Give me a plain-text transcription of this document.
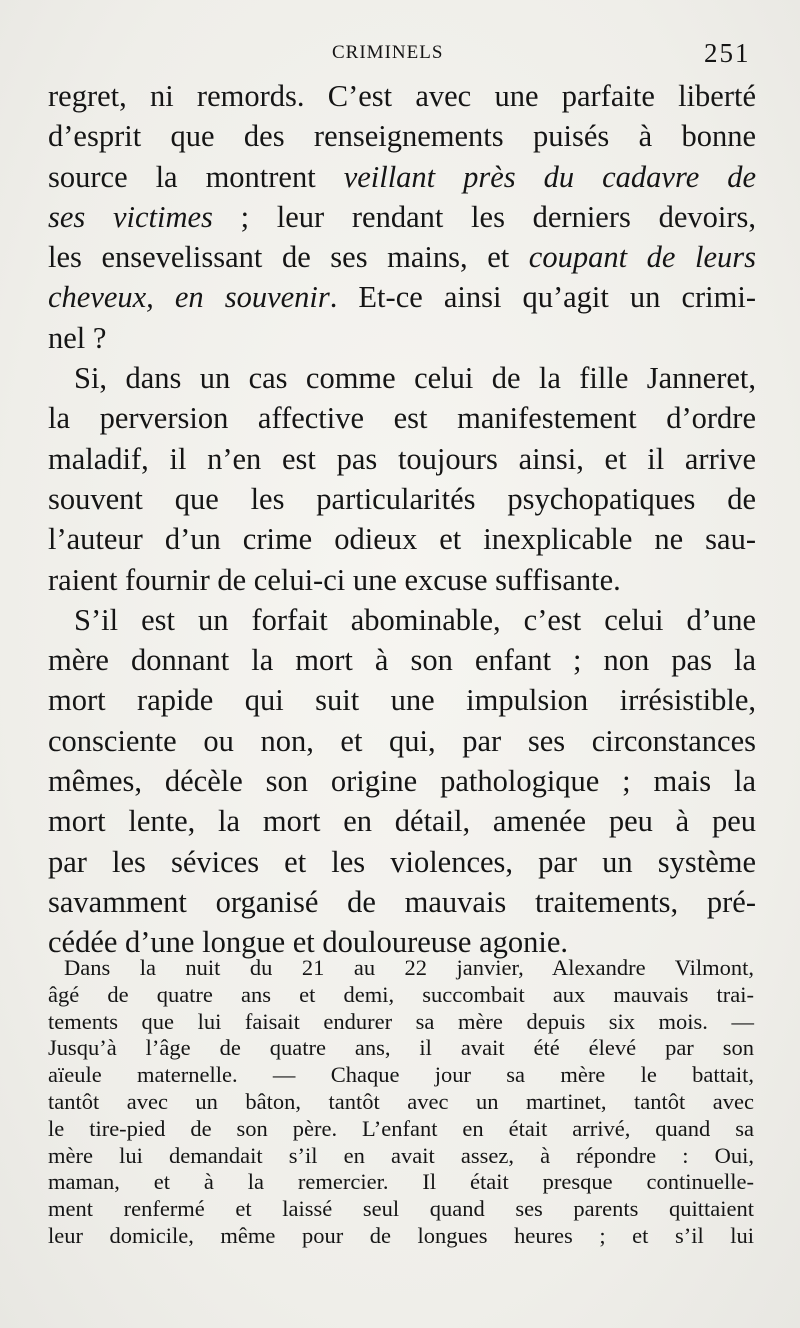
CRIMINELS	251
regret, ni remords. C’est avec une parfaite liberté
d’esprit que des renseignements puisés à bonne
source la montrent veillant près du cadavre de
ses victimes ; leur rendant les derniers devoirs,
les ensevelissant de ses mains, et coupant de leurs
cheveux, en souvenir. Et-ce ainsi qu’agit un crimi-
nel ?
Si, dans un cas comme celui de la fille Janneret,
la perversion affective est manifestement d’ordre
maladif, il n’en est pas toujours ainsi, et il arrive
souvent que les particularités psychopatiques de
l’auteur d’un crime odieux et inexplicable ne sau-
raient fournir de celui-ci une excuse suffisante.
S’il est un forfait abominable, c’est celui d’une
mère donnant la mort à son enfant ; non pas la
mort rapide qui suit une impulsion irrésistible,
consciente ou non, et qui, par ses circonstances
mêmes, décèle son origine pathologique ; mais la
mort lente, la mort en détail, amenée peu à peu
par les sévices et les violences, par un système
savamment organisé de mauvais traitements, pré-
cédée d’une longue et douloureuse agonie.
Dans la nuit du 21 au 22 janvier, Alexandre Vilmont,
âgé de quatre ans et demi, succombait aux mauvais trai-
tements que lui faisait endurer sa mère depuis six mois. —
Jusqu’à l’âge de quatre ans, il avait été élevé par son
aïeule maternelle. — Chaque jour sa mère le battait,
tantôt avec un bâton, tantôt avec un martinet, tantôt avec
le tire-pied de son père. L’enfant en était arrivé, quand sa
mère lui demandait s’il en avait assez, à répondre : Oui,
maman, et à la remercier. Il était presque continuelle-
ment renfermé et laissé seul quand ses parents quittaient
leur domicile, même pour de longues heures ; et s’il lui
